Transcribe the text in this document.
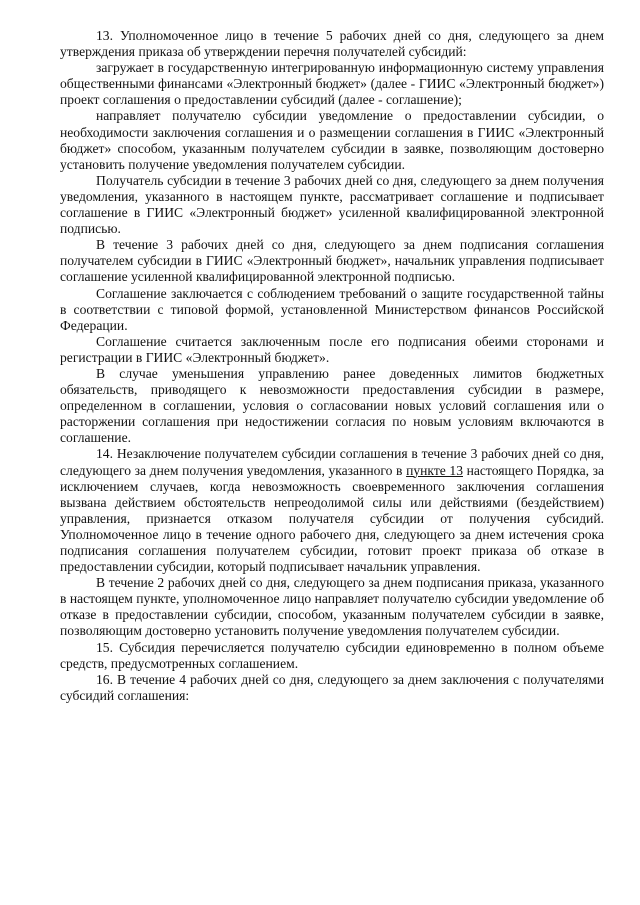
13. Уполномоченное лицо в течение 5 рабочих дней со дня, следующего за днем утверждения приказа об утверждении перечня получателей субсидий:

загружает в государственную интегрированную информационную систему управления общественными финансами «Электронный бюджет» (далее - ГИИС «Электронный бюджет») проект соглашения о предоставлении субсидий (далее - соглашение);

направляет получателю субсидии уведомление о предоставлении субсидии, о необходимости заключения соглашения и о размещении соглашения в ГИИС «Электронный бюджет» способом, указанным получателем субсидии в заявке, позволяющим достоверно установить получение уведомления получателем субсидии.

Получатель субсидии в течение 3 рабочих дней со дня, следующего за днем получения уведомления, указанного в настоящем пункте, рассматривает соглашение и подписывает соглашение в ГИИС «Электронный бюджет» усиленной квалифицированной электронной подписью.

В течение 3 рабочих дней со дня, следующего за днем подписания соглашения получателем субсидии в ГИИС «Электронный бюджет», начальник управления подписывает соглашение усиленной квалифицированной электронной подписью.

Соглашение заключается с соблюдением требований о защите государственной тайны в соответствии с типовой формой, установленной Министерством финансов Российской Федерации.

Соглашение считается заключенным после его подписания обеими сторонами и регистрации в ГИИС «Электронный бюджет».

В случае уменьшения управлению ранее доведенных лимитов бюджетных обязательств, приводящего к невозможности предоставления субсидии в размере, определенном в соглашении, условия о согласовании новых условий соглашения или о расторжении соглашения при недостижении согласия по новым условиям включаются в соглашение.

14. Незаключение получателем субсидии соглашения в течение 3 рабочих дней со дня, следующего за днем получения уведомления, указанного в пункте 13 настоящего Порядка, за исключением случаев, когда невозможность своевременного заключения соглашения вызвана действием обстоятельств непреодолимой силы или действиями (бездействием) управления, признается отказом получателя субсидии от получения субсидий. Уполномоченное лицо в течение одного рабочего дня, следующего за днем истечения срока подписания соглашения получателем субсидии, готовит проект приказа об отказе в предоставлении субсидии, который подписывает начальник управления.

В течение 2 рабочих дней со дня, следующего за днем подписания приказа, указанного в настоящем пункте, уполномоченное лицо направляет получателю субсидии уведомление об отказе в предоставлении субсидии, способом, указанным получателем субсидии в заявке, позволяющим достоверно установить получение уведомления получателем субсидии.

15. Субсидия перечисляется получателю субсидии единовременно в полном объеме средств, предусмотренных соглашением.

16. В течение 4 рабочих дней со дня, следующего за днем заключения с получателями субсидий соглашения:
